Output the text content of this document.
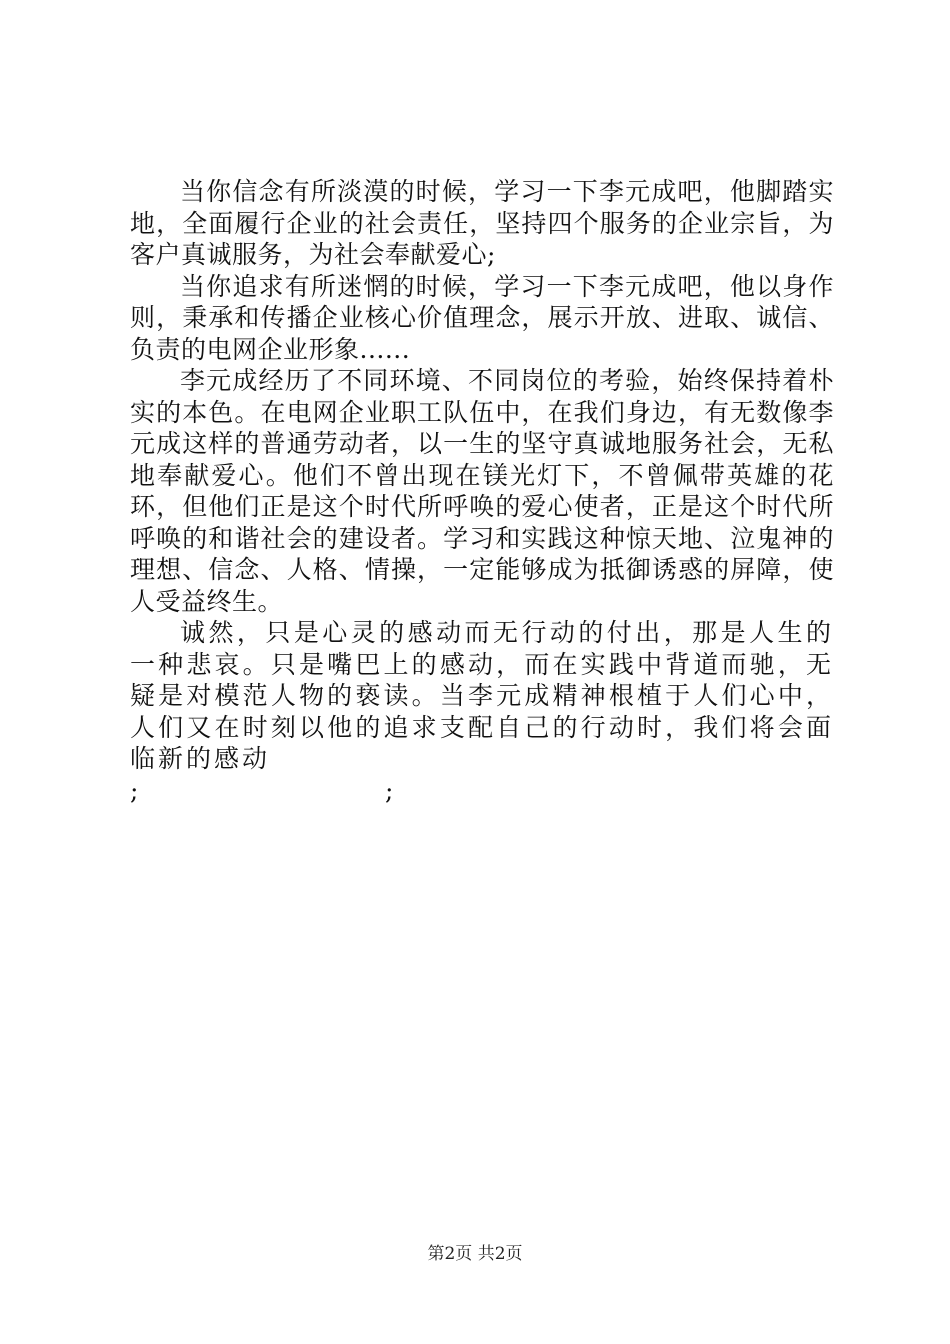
当你信念有所淡漠的时候，学习一下李元成吧，他脚踏实地，全面履行企业的社会责任，坚持四个服务的企业宗旨，为客户真诚服务，为社会奉献爱心;

当你追求有所迷惘的时候，学习一下李元成吧，他以身作则，秉承和传播企业核心价值理念，展示开放、进取、诚信、负责的电网企业形象......

李元成经历了不同环境、不同岗位的考验，始终保持着朴实的本色。在电网企业职工队伍中，在我们身边，有无数像李元成这样的普通劳动者，以一生的坚守真诚地服务社会，无私地奉献爱心。他们不曾出现在镁光灯下，不曾佩带英雄的花环，但他们正是这个时代所呼唤的爱心使者，正是这个时代所呼唤的和谐社会的建设者。学习和实践这种惊天地、泣鬼神的理想、信念、人格、情操，一定能够成为抵御诱惑的屏障，使人受益终生。

诚然，只是心灵的感动而无行动的付出，那是人生的一种悲哀。只是嘴巴上的感动，而在实践中背道而驰，无疑是对模范人物的亵读。当李元成精神根植于人们心中，人们又在时刻以他的追求支配自己的行动时，我们将会面临新的感动

;	;
第2页 共2页
